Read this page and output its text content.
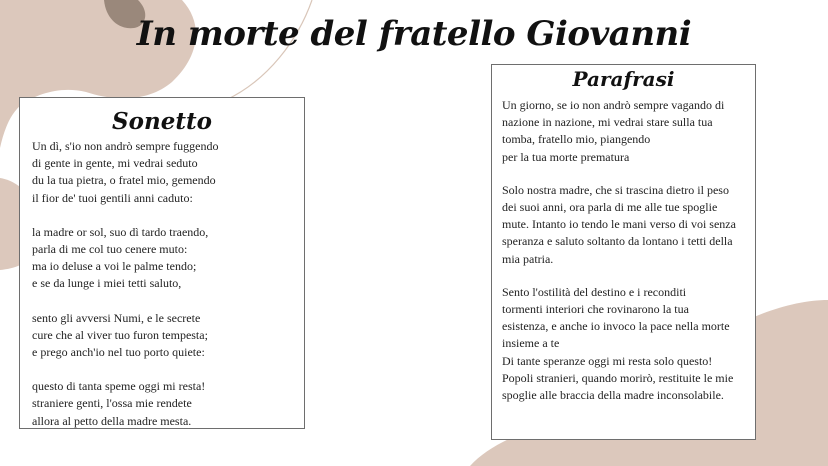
In morte del fratello Giovanni
Sonetto

Un dì, s'io non andrò sempre fuggendo
di gente in gente, mi vedrai seduto
du la tua pietra, o fratel mio, gemendo
il fior de' tuoi gentili anni caduto:

la madre or sol, suo dì tardo traendo,
parla di me col tuo cenere muto:
ma io deluse a voi le palme tendo;
e se da lunge i miei tetti saluto,

sento gli avversi Numi, e le secrete
cure che al viver tuo furon tempesta;
e prego anch'io nel tuo porto quiete:

questo di tanta speme oggi mi resta!
straniere genti, l'ossa mie rendete
allora al petto della madre mesta.

Parafrasi

Un giorno, se io non andrò sempre vagando di
nazione in nazione, mi vedrai stare sulla tua
tomba, fratello mio, piangendo
per la tua morte prematura

Solo nostra madre, che si trascina dietro il peso
dei suoi anni, ora parla di me alle tue spoglie
mute. Intanto io tendo le mani verso di voi senza
speranza e saluto soltanto da lontano i tetti della
mia patria.

Sento l'ostilità del destino e i reconditi
tormenti interiori che rovinarono la tua
esistenza, e anche io invoco la pace nella morte
insieme a te
Di tante speranze oggi mi resta solo questo!
Popoli stranieri, quando morirò, restituite le mie
spoglie alle braccia della madre inconsolabile.
